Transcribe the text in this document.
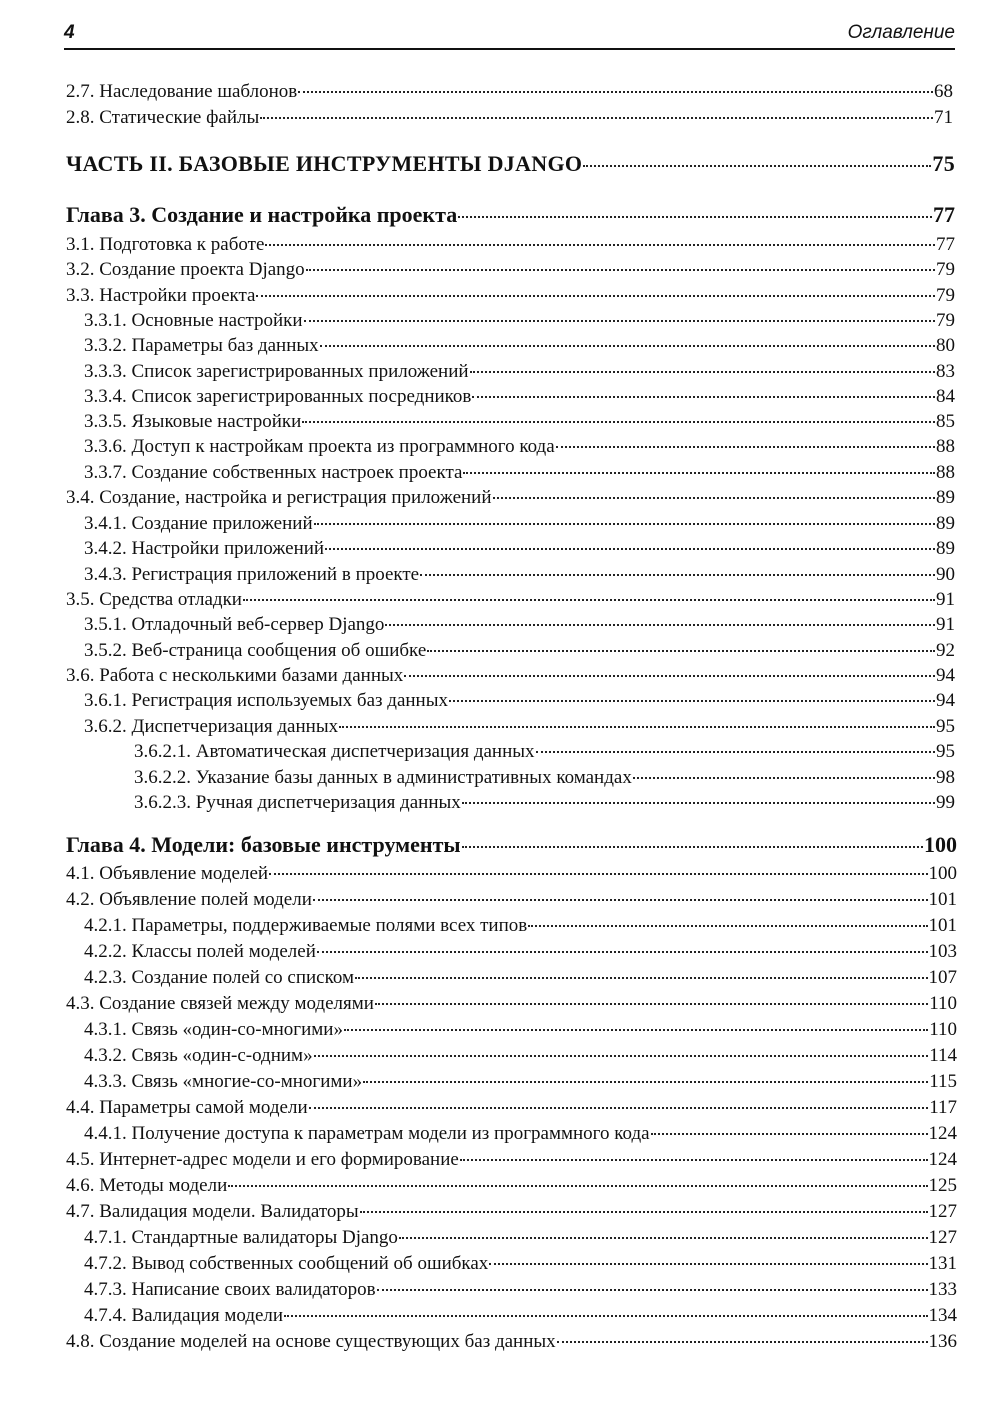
4	Оглавление
2.7. Наследование шаблонов	68
2.8. Статические файлы	71
ЧАСТЬ II. БАЗОВЫЕ ИНСТРУМЕНТЫ DJANGO	75
Глава 3. Создание и настройка проекта	77
3.1. Подготовка к работе	77
3.2. Создание проекта Django	79
3.3. Настройки проекта	79
3.3.1. Основные настройки	79
3.3.2. Параметры баз данных	80
3.3.3. Список зарегистрированных приложений	83
3.3.4. Список зарегистрированных посредников	84
3.3.5. Языковые настройки	85
3.3.6. Доступ к настройкам проекта из программного кода	88
3.3.7. Создание собственных настроек проекта	88
3.4. Создание, настройка и регистрация приложений	89
3.4.1. Создание приложений	89
3.4.2. Настройки приложений	89
3.4.3. Регистрация приложений в проекте	90
3.5. Средства отладки	91
3.5.1. Отладочный веб-сервер Django	91
3.5.2. Веб-страница сообщения об ошибке	92
3.6. Работа с несколькими базами данных	94
3.6.1. Регистрация используемых баз данных	94
3.6.2. Диспетчеризация данных	95
3.6.2.1. Автоматическая диспетчеризация данных	95
3.6.2.2. Указание базы данных в административных командах	98
3.6.2.3. Ручная диспетчеризация данных	99
Глава 4. Модели: базовые инструменты	100
4.1. Объявление моделей	100
4.2. Объявление полей модели	101
4.2.1. Параметры, поддерживаемые полями всех типов	101
4.2.2. Классы полей моделей	103
4.2.3. Создание полей со списком	107
4.3. Создание связей между моделями	110
4.3.1. Связь «один-со-многими»	110
4.3.2. Связь «один-с-одним»	114
4.3.3. Связь «многие-со-многими»	115
4.4. Параметры самой модели	117
4.4.1. Получение доступа к параметрам модели из программного кода	124
4.5. Интернет-адрес модели и его формирование	124
4.6. Методы модели	125
4.7. Валидация модели. Валидаторы	127
4.7.1. Стандартные валидаторы Django	127
4.7.2. Вывод собственных сообщений об ошибках	131
4.7.3. Написание своих валидаторов	133
4.7.4. Валидация модели	134
4.8. Создание моделей на основе существующих баз данных	136
